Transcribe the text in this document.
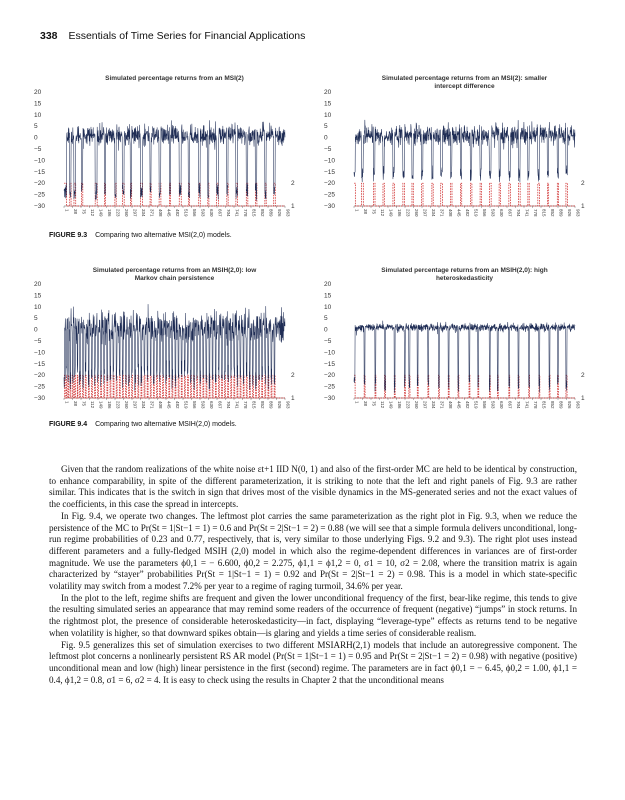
338 Essentials of Time Series for Financial Applications
Simulated percentage returns from an MSI(2)
20
15
10
5
0
−5
−10
−15
−20
−25
−30
2
1
1 38 75 112 149 186 223 260 297 334 371 408 445 482 519 556 593 630 667 704 741 778 815 852 889 926 963
Simulated percentage returns from an MSI(2): smaller
intercept difference
20
15
10
5
0
−5
−10
−15
−20
−25
−30
2
1
1 38 75 112 149 186 223 260 297 334 371 408 445 482 519 556 593 630 667 704 741 778 815 852 889 926 963
FIGURE 9.3 Comparing two alternative MSI(2,0) models.
Simulated percentage returns from an MSIH(2,0): low
Markov chain persistence
20
15
10
5
0
−5
−10
−15
−20
−25
−30
2
1
1 38 75 112 149 186 223 260 297 334 371 408 445 482 519 556 593 630 667 704 741 778 815 852 889 926 963
Simulated percentage returns from an MSIH(2,0): high
heteroskedasticity
20
15
10
5
0
−5
−10
−15
−20
−25
−30
2
1
1 38 75 112 149 186 223 260 297 334 371 408 445 482 519 556 593 630 667 704 741 778 815 852 889 926 963
FIGURE 9.4 Comparing two alternative MSIH(2,0) models.

Given that the random realizations of the white noise εt+1 IID N(0, 1) and also of the first-order MC are held to be identical by construction, to enhance comparability, in spite of the different parameterization, it is striking to note that the left and right panels of Fig. 9.3 are rather similar. This indicates that is the switch in sign that drives most of the visible dynamics in the MS-generated series and not the exact values of the coefficients, in this case the spread in intercepts.

In Fig. 9.4, we operate two changes. The leftmost plot carries the same parameterization as the right plot in Fig. 9.3, when we reduce the persistence of the MC to Pr(St = 1|St−1 = 1) = 0.6 and Pr(St = 2|St−1 = 2) = 0.88 (we will see that a simple formula delivers unconditional, long-run regime probabilities of 0.23 and 0.77, respectively, that is, very similar to those underlying Figs. 9.2 and 9.3). The right plot uses instead different parameters and a fully-fledged MSIH (2,0) model in which also the regime-dependent differences in variances are of first-order magnitude. We use the parameters ϕ0,1 = − 6.600, ϕ0,2 = 2.275, ϕ1,1 = ϕ1,2 = 0, σ1 = 10, σ2 = 2.08, where the transition matrix is again characterized by “stayer” probabilities Pr(St = 1|St−1 = 1) = 0.92 and Pr(St = 2|St−1 = 2) = 0.98. This is a model in which state-specific volatility may switch from a modest 7.2% per year to a regime of raging turmoil, 34.6% per year.

In the plot to the left, regime shifts are frequent and given the lower unconditional frequency of the first, bear-like regime, this tends to give the resulting simulated series an appearance that may remind some readers of the occurrence of frequent (negative) “jumps” in stock returns. In the rightmost plot, the presence of considerable heteroskedasticity—in fact, displaying “leverage-type” effects as returns tend to be negative when volatility is higher, so that downward spikes obtain—is glaring and yields a time series of considerable realism.

Fig. 9.5 generalizes this set of simulation exercises to two different MSIARH(2,1) models that include an autoregressive component. The leftmost plot concerns a nonlinearly persistent RS AR model (Pr(St = 1|St−1 = 1) = 0.95 and Pr(St = 2|St−1 = 2) = 0.98) with negative (positive) unconditional mean and low (high) linear persistence in the first (second) regime. The parameters are in fact ϕ0,1 = − 6.45, ϕ0,2 = 1.00, ϕ1,1 = 0.4, ϕ1,2 = 0.8, σ1 = 6, σ2 = 4. It is easy to check using the results in Chapter 2 that the unconditional means
